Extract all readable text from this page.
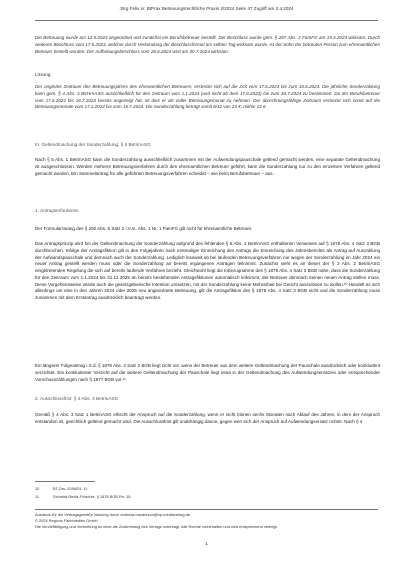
Jörg Felix in: BtPrax Betreuungsrechtliche Praxis 2/2024 Seite 47 Zugriff am 3.4.2024

Die Betreuung wurde am 12.5.2023 angeordnet und zunächst ein Berufsbetreuer bestellt. Der Beschluss wurde gem. § 287 Abs. 2 FamFG am 15.5.2023 wirksam. Durch weiteren Beschluss vom 17.6.2023, welcher durch Verkündung der Beschlussformel am selben Tag wirksam wurde, ist der Sohn der betreuten Person zum ehrenamtlichen Betreuer bestellt worden. Der Aufhebungsbeschluss vom 28.6.2024 wird am 30.7.2024 wirksam.

Lösung:

Der originäre Zeitraum des Betreuungsjahres des ehrenamtlichen Betreuers, erstreckt sich auf die Zeit vom 17.6.2023 bis zum 16.6.2024. Die jährliche Sonderzahlung kann gem. § 4 Abs. 3 BtrHrnASG ausschließlich für den Zeitraum vom 1.1.2024 (und nicht ab dem 17.6.2023) bis zum 30.7.2024 zu bestimmen. Da der Berufsbetreuer vom 17.6.2024 bis 16.7.2024 bereits angezeigt hat, ist dies er als voller Betreuungsmonat zu nehmen. Der abrechnungsfähige Zeitraum erstreckt sich somit auf die Betreuungsmonate vom 17.1.2024 bis zum 16.7.2024. Die Sonderzahlung beträgt somit 6/12 von 24 €, mithin 12 €.

III. Geltendmachung der Sonderzahlung; § 5 BetrinASG

Nach § 5 Abs. 1 BetrinASG kann die Sonderzahlung ausschließlich zusammen mit der Aufwendungspauschale geltend gemacht werden, eine separate Geltendmachung ist ausgeschlossen. Werden mehrere Betreuungsverfahren durch den ehrenamtlichen Betreuer geführt, kann die Sonderzahlung nur zu den einzelnen Verfahren geltend gemacht werden. Ein Sammelantrag für alle geführten Betreuungsverfahren scheidet – wie beim Berufsbetreuer – aus.

1. Antragserfordernis

Der Formularzwang des § 292 Abs. 5 Satz 2 i.V.m. Abs. 1 Nr. 1 FamFG gilt nicht für ehrenamtliche Betreuer.

Das Antragsprinzip wird bei der Geltendmachung der Sonderzahlung aufgrund des fehlenden § 5 Abs. 2 BetrinASG enthaltenen Verweises auf § 1878 Abs. 4 Satz 3 BGB durchbrochen. Infolge der Antragsfiktion gilt in den Folgejahren nach erstmaliger Einreichung des Antrags die Einreichung des Jahresberichts als Antrag auf Auszahlung der Aufwandspauschale und demnach auch der Sonderzahlung. Lediglich insoweit ob bei laufenden Betreuungsverfahren nur wegen der Sonderzahlung im Jahr 2024 ein neuer Antrag gestellt werden muss oder die Sonderzahlung an bereits ergangenen Anträgen teilnimmt. Zunächst sieht es an dieser der § 3 Abs. 2 BetrinASG eingetretenden Regelung die sich auf bereits laufende Verfahren bezieht. Gleichwohl liegt die Inbezugnahme des § 1878 Abs. 4 Satz 3 BGB nahe, dass die Sonderzahlung für den Zeitraum vom 1.1.2024 bis 31.12.2025 an bereits bestehenden Antragsfiktionen automatisch teilnimmt, der Betreuer demnach keinen neuen Antrag stellen muss. Diese Vorgehensweise würde auch die gesetzgeberische Intention umsetzen, mit der Sonderzahlung keine Mehrarbeit bei Gericht auszulösen zu wollen.¹⁰ Handelt es sich allerdings um eine in den Jahren 2024 oder 2025 neu angeordnete Betreuung, gilt die Antragsfiktion des § 1878 Abs. 4 Satz 3 BGB nicht und die Sonderzahlung muss zusammen mit dem Erstantrag ausdrücklich beantragt werden.

Ein längerer Folgeantrag i.S.d. § 1878 Abs. 4 Satz 2 BGB liegt nicht vor, wenn der Betreuer aus dem weitere Geltendmachung der Pauschale ausdrücklich oder konkludent verzichtet. Ein konkludenter Verzicht auf die weitere Geltendmachung der Pauschale liegt erwa in der Geltendmachung des Aufwendungsersatzes oder entsprechender Vorschusszahlungen nach § 1877 BGB vor.¹¹

2. Ausschlussfrist; § 4 Abs. 3 BetrinASG

Gemäß § 4 Abs. 3 Satz 1 BetrinASG erlischt der Anspruch auf die Sonderzahlung, wenn er nicht binnen sechs Monaten nach Ablauf des Jahres, in dem der Anspruch entstanden ist, gerichtlich geltend gemacht wird. Die Ausschlussfrist gilt unabhängig davon, gegen wen sich der Anspruch auf Aufwendungsersatz richtet. Nach § 4

10	BT-Drs. 20/6624, 1f.

11	Schmidt-Recla-Fröschle, § 1878 BGB Rn. 15.

Ausdruck für die Vertragsgemäße Nutzung durch andreas.baudersch@hp-mediaverlag.de.

© 2024 Reguvis Fachmedien GmbH

Die Vervielfältigung und Verbreitung ist ohne die Zustimmung des Verlags untersagt. Alle Rechte vorbehalten und wird entsprechend verfolgt.

1
